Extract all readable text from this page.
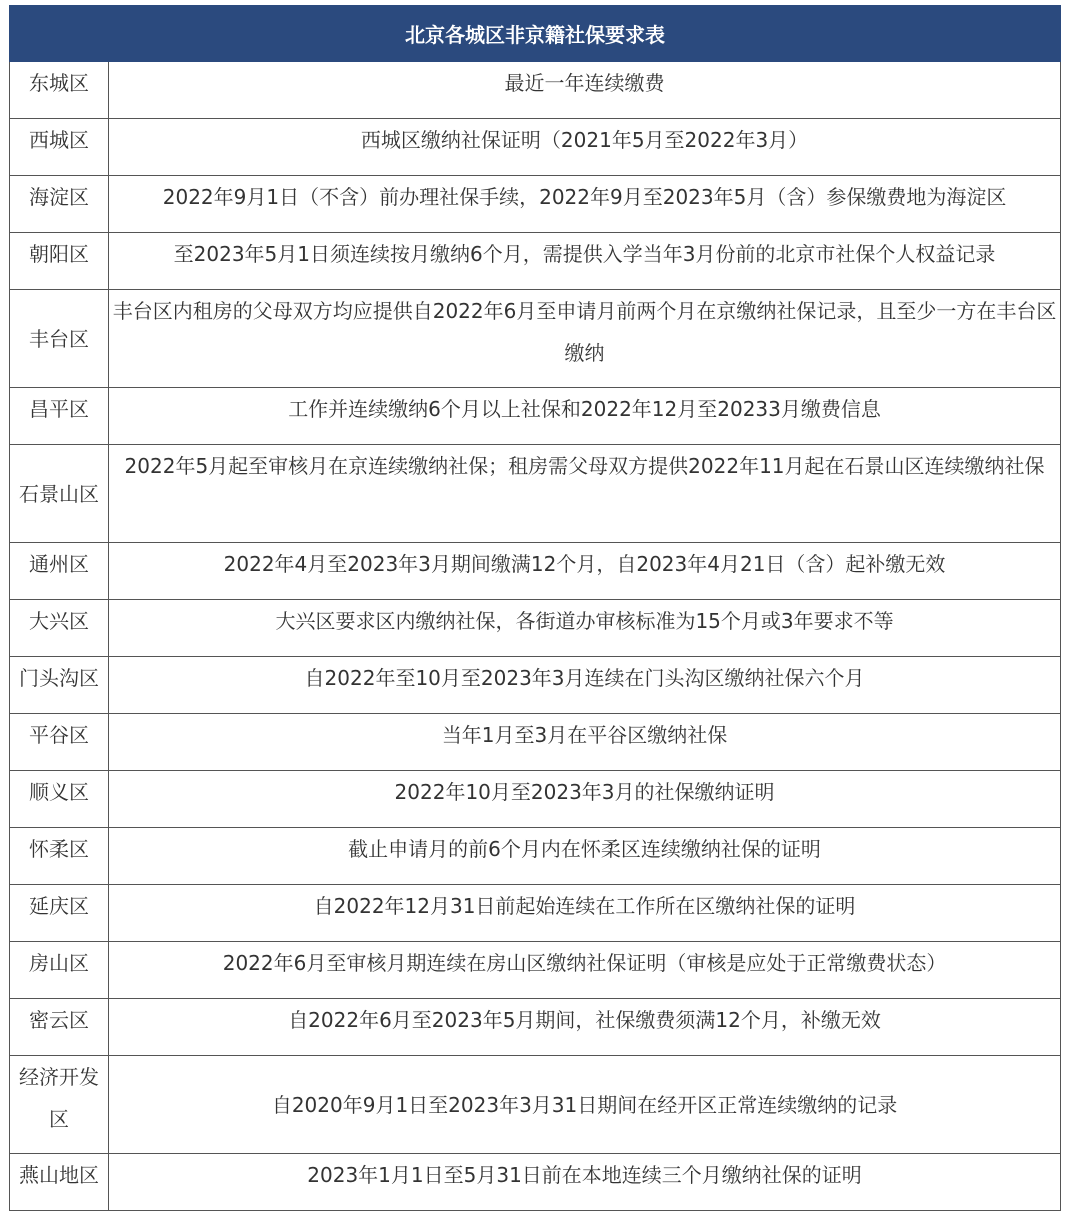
北京各城区非京籍社保要求表	
东城区	最近一年连续缴费
西城区	西城区缴纳社保证明（2021年5月至2022年3月）
海淀区	2022年9月1日（不含）前办理社保手续，2022年9月至2023年5月（含）参保缴费地为海淀区
朝阳区	至2023年5月1日须连续按月缴纳6个月，需提供入学当年3月份前的北京市社保个人权益记录
丰台区	丰台区内租房的父母双方均应提供自2022年6月至申请月前两个月在京缴纳社保记录，且至少一方在丰台区缴纳
昌平区	工作并连续缴纳6个月以上社保和2022年12月至20233月缴费信息
石景山区	2022年5月起至审核月在京连续缴纳社保；租房需父母双方提供2022年11月起在石景山区连续缴纳社保
通州区	2022年4月至2023年3月期间缴满12个月，自2023年4月21日（含）起补缴无效
大兴区	大兴区要求区内缴纳社保，各街道办审核标准为15个月或3年要求不等
门头沟区	自2022年至10月至2023年3月连续在门头沟区缴纳社保六个月
平谷区	当年1月至3月在平谷区缴纳社保
顺义区	2022年10月至2023年3月的社保缴纳证明
怀柔区	截止申请月的前6个月内在怀柔区连续缴纳社保的证明
延庆区	自2022年12月31日前起始连续在工作所在区缴纳社保的证明
房山区	2022年6月至审核月期连续在房山区缴纳社保证明（审核是应处于正常缴费状态）
密云区	自2022年6月至2023年5月期间，社保缴费须满12个月，补缴无效
经济开发区	自2020年9月1日至2023年3月31日期间在经开区正常连续缴纳的记录
燕山地区	2023年1月1日至5月31日前在本地连续三个月缴纳社保的证明
